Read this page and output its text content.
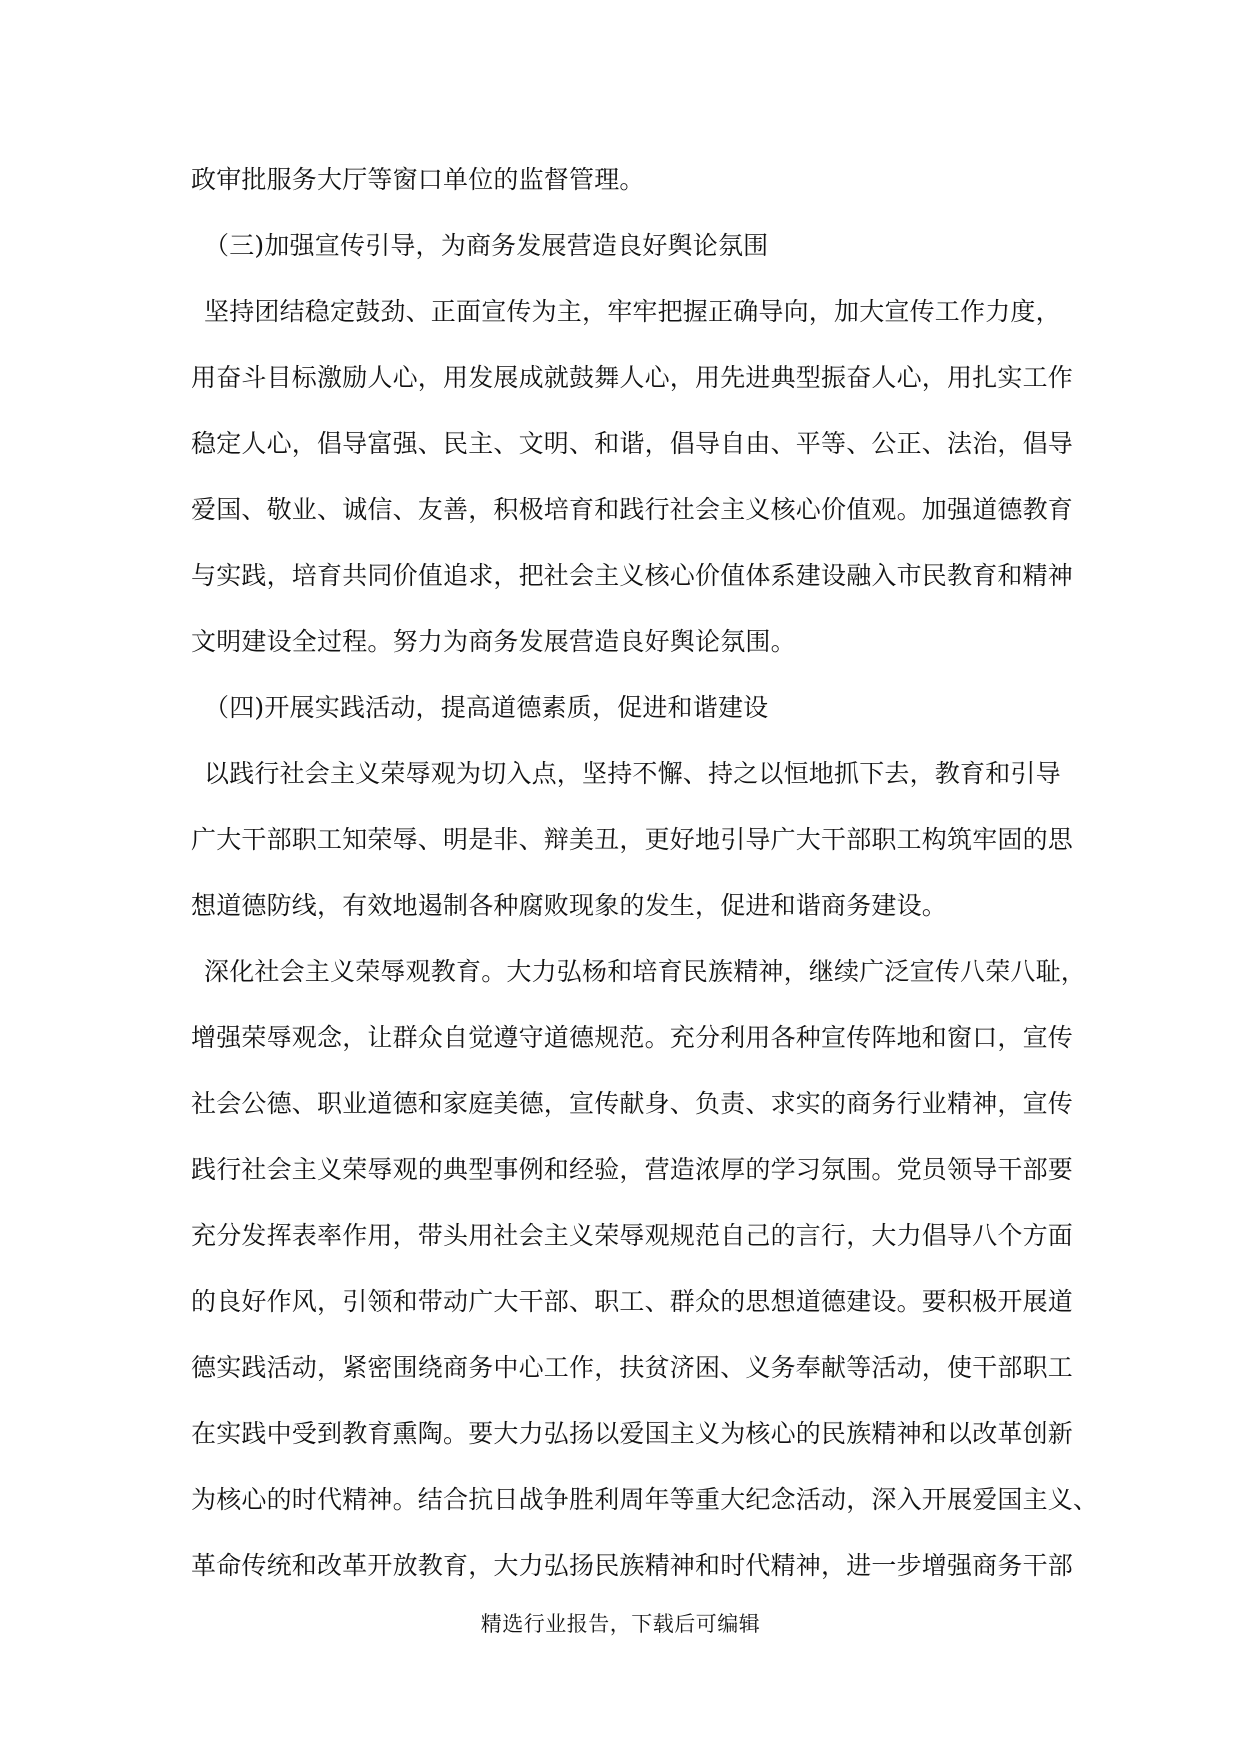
政审批服务大厅等窗口单位的监督管理。
（三)加强宣传引导，为商务发展营造良好舆论氛围
坚持团结稳定鼓劲、正面宣传为主，牢牢把握正确导向，加大宣传工作力度，
用奋斗目标激励人心，用发展成就鼓舞人心，用先进典型振奋人心，用扎实工作
稳定人心，倡导富强、民主、文明、和谐，倡导自由、平等、公正、法治，倡导
爱国、敬业、诚信、友善，积极培育和践行社会主义核心价值观。加强道德教育
与实践，培育共同价值追求，把社会主义核心价值体系建设融入市民教育和精神
文明建设全过程。努力为商务发展营造良好舆论氛围。
（四)开展实践活动，提高道德素质，促进和谐建设
以践行社会主义荣辱观为切入点，坚持不懈、持之以恒地抓下去，教育和引导
广大干部职工知荣辱、明是非、辩美丑，更好地引导广大干部职工构筑牢固的思
想道德防线，有效地遏制各种腐败现象的发生，促进和谐商务建设。
深化社会主义荣辱观教育。大力弘杨和培育民族精神，继续广泛宣传八荣八耻，
增强荣辱观念，让群众自觉遵守道德规范。充分利用各种宣传阵地和窗口，宣传
社会公德、职业道德和家庭美德，宣传献身、负责、求实的商务行业精神，宣传
践行社会主义荣辱观的典型事例和经验，营造浓厚的学习氛围。党员领导干部要
充分发挥表率作用，带头用社会主义荣辱观规范自己的言行，大力倡导八个方面
的良好作风，引领和带动广大干部、职工、群众的思想道德建设。要积极开展道
德实践活动，紧密围绕商务中心工作，扶贫济困、义务奉献等活动，使干部职工
在实践中受到教育熏陶。要大力弘扬以爱国主义为核心的民族精神和以改革创新
为核心的时代精神。结合抗日战争胜利周年等重大纪念活动，深入开展爱国主义、
革命传统和改革开放教育，大力弘扬民族精神和时代精神，进一步增强商务干部
精选行业报告，下载后可编辑
